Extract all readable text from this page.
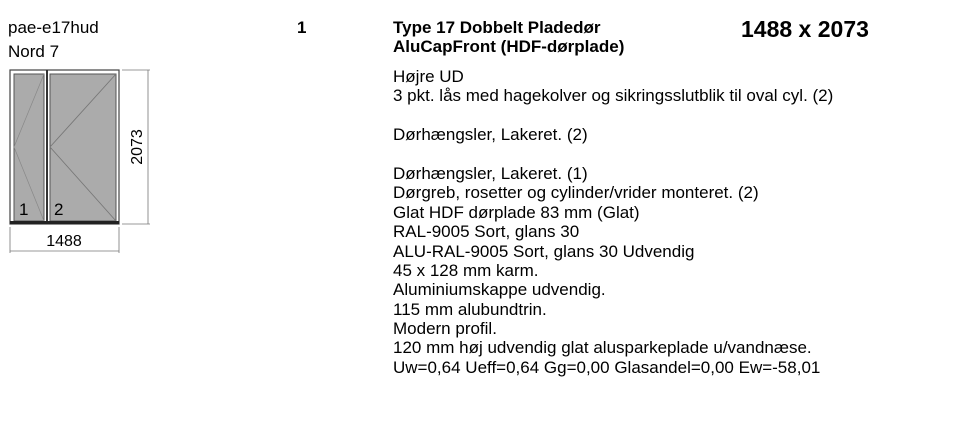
pae-e17hud
Nord 7
1	Type 17 Dobbelt Pladedør
AluCapFront (HDF-dørplade)
1488 x 2073
1 2
2073
1488
Højre UD
3 pkt. lås med hagekolver og sikringsslutblik til oval cyl. (2)
Dørhængsler, Lakeret. (2)
Dørhængsler, Lakeret. (1)
Dørgreb, rosetter og cylinder/vrider monteret. (2)
Glat HDF dørplade 83 mm (Glat)
RAL-9005 Sort, glans 30
ALU-RAL-9005 Sort, glans 30 Udvendig
45 x 128 mm karm.
Aluminiumskappe udvendig.
115 mm alubundtrin.
Modern profil.
120 mm høj udvendig glat alusparkeplade u/vandnæse.
Uw=0,64 Ueff=0,64 Gg=0,00 Glasandel=0,00 Ew=-58,01
